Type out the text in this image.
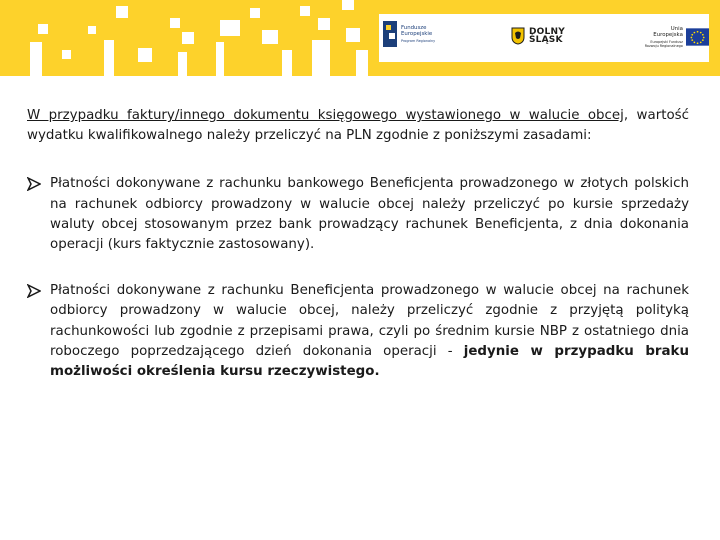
Fundusze
Europejskie
Program Regionalny
DOLNY
ŚLĄSK
Unia Europejska
Europejski Fundusz
Rozwoju Regionalnego

W przypadku faktury/innego dokumentu księgowego wystawionego w walucie obcej, wartość wydatku kwalifikowalnego należy przeliczyć na PLN zgodnie z poniższymi zasadami:

Płatności dokonywane z rachunku bankowego Beneficjenta prowadzonego w złotych polskich na rachunek odbiorcy prowadzony w walucie obcej należy przeliczyć po kursie sprzedaży waluty obcej stosowanym przez bank prowadzący rachunek Beneficjenta, z dnia dokonania operacji (kurs faktycznie zastosowany).

Płatności dokonywane z rachunku Beneficjenta prowadzonego w walucie obcej na rachunek odbiorcy prowadzony w walucie obcej, należy przeliczyć zgodnie z przyjętą polityką rachunkowości lub zgodnie z przepisami prawa, czyli po średnim kursie NBP z ostatniego dnia roboczego poprzedzającego dzień dokonania operacji - jedynie w przypadku braku możliwości określenia kursu rzeczywistego.
